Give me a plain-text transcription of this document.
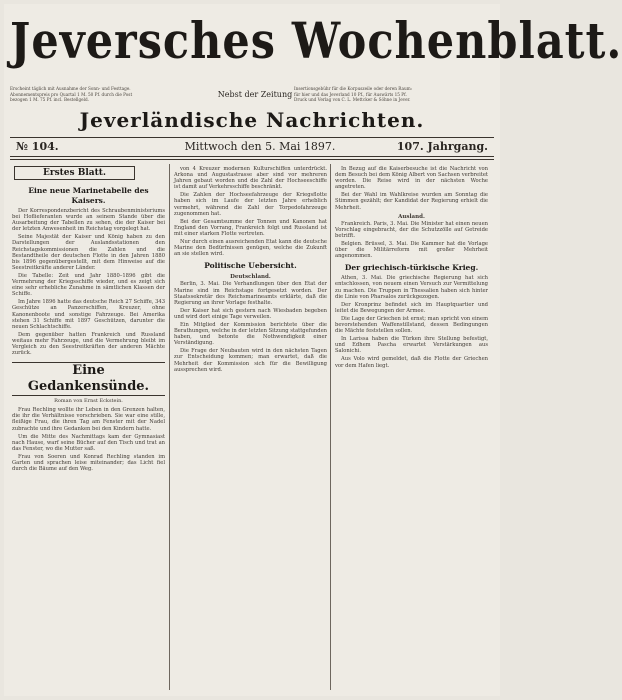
Jeversches Wochenblatt.
Erscheint täglich mit Ausnahme der Sonn- und Festtage.
Abonnementspreis pro Quartal 1 M. 50 Pf. durch die Post
bezogen 1 M. 75 Pf. incl. Bestellgeld.
Nebst der Zeitung
Insertionsgebühr für die Korpuszeile oder deren Raum:
für hier und das Jeverland 10 Pf., für Auswärts 15 Pf.
Druck und Verlag von C. L. Mettcker & Söhne in Jever.
Jeverländische Nachrichten.
№ 104.	Mittwoch den 5. Mai 1897.	107. Jahrgang.
Erstes Blatt.
Eine neue Marinetabelle des Kaisers.

Der Korrespondenzbericht des Schraubenministeriums bei Hoflieferanten wurde an seinem Stande über die Ausarbeitung der Tabellen zu sehen, die der Kaiser bei der letzten Anwesenheit im Reichstag vorgelegt hat.

Seine Majestät der Kaiser und König haben zu den Darstellungen der Auslandsstationen den Reichstagskommissionen die Zahlen und die Bestandtheile der deutschen Flotte in den Jahren 1880 bis 1896 gegenübergestellt, mit dem Hinweise auf die Seestreitkräfte anderer Länder.

Die Tabelle: Zeit und Jahr 1880–1896 gibt die Vermehrung der Kriegsschiffe wieder, und es zeigt sich eine sehr erhebliche Zunahme in sämtlichen Klassen der Schiffe.

Im Jahre 1896 hatte das deutsche Reich 27 Schiffe, 343 Geschütze an Panzerschiffen, Kreuzer, ohne Kanonenboote und sonstige Fahrzeuge. Bei Amerika stehen 31 Schiffe mit 1897 Geschützen, darunter die neuen Schlachtschiffe.

Dem gegenüber hatten Frankreich und Russland weitaus mehr Fahrzeuge, und die Vermehrung bleibt im Vergleich zu den Seestreitkräften der anderen Mächte zurück.

Eine Gedankensünde.
Roman von Ernst Eckstein.

Frau Rechling wollte ihr Leben in den Grenzen halten, die ihr die Verhältnisse vorschrieben. Sie war eine stille, fleißige Frau, die ihren Tag am Fenster mit der Nadel zubrachte und ihre Gedanken bei den Kindern hatte.

Um die Mitte des Nachmittags kam der Gymnasiast nach Hause, warf seine Bücher auf den Tisch und trat an das Fenster, wo die Mutter saß.

Frau von Soeren und Konrad Rechling standen im Garten und sprachen leise miteinander; das Licht fiel durch die Bäume auf den Weg.

von 4 Kreuzer modernen Kulturschiffen unterdrückt. Arkona und Augustastrasse aber sind vor mehreren Jahren gebaut worden und die Zahl der Hochseeschiffe ist damit auf Verkehrsschiffe beschränkt.

Die Zahlen der Hochseefahrzeuge der Kriegsflotte haben sich im Laufe der letzten Jahre erheblich vermehrt, während die Zahl der Torpedofahrzeuge zugenommen hat.

Bei der Gesamtsumme der Tonnen und Kanonen hat England den Vorrang, Frankreich folgt und Russland ist mit einer starken Flotte vertreten.

Nur durch einen ausreichenden Etat kann die deutsche Marine den Bedürfnissen genügen, welche die Zukunft an sie stellen wird.

Politische Uebersicht.
Deutschland.

Berlin, 3. Mai. Die Verhandlungen über den Etat der Marine sind im Reichstage fortgesetzt worden. Der Staatssekretär des Reichsmarineamts erklärte, daß die Regierung an ihrer Vorlage festhalte.

Der Kaiser hat sich gestern nach Wiesbaden begeben und wird dort einige Tage verweilen.

Ein Mitglied der Kommission berichtete über die Berathungen, welche in der letzten Sitzung stattgefunden haben, und betonte die Nothwendigkeit einer Verständigung.

Die Frage der Neubauten wird in den nächsten Tagen zur Entscheidung kommen; man erwartet, daß die Mehrheit der Kommission sich für die Bewilligung aussprechen wird.

In Bezug auf die Kaiserbesuche ist die Nachricht von dem Besuch bei dem König Albert von Sachsen verbreitet worden. Die Reise wird in der nächsten Woche angetreten.

Bei der Wahl im Wahlkreise wurden am Sonntag die Stimmen gezählt; der Kandidat der Regierung erhielt die Mehrheit.

Ausland.

Frankreich. Paris, 3. Mai. Die Minister hat einen neuen Vorschlag eingebracht, der die Schutzzölle auf Getreide betrifft.

Belgien. Brüssel, 3. Mai. Die Kammer hat die Vorlage über die Militärreform mit großer Mehrheit angenommen.

Der griechisch-türkische Krieg.

Athen, 3. Mai. Die griechische Regierung hat sich entschlossen, von neuem einen Versuch zur Vermittelung zu machen. Die Truppen in Thessalien haben sich hinter die Linie von Pharsalos zurückgezogen.

Der Kronprinz befindet sich im Hauptquartier und leitet die Bewegungen der Armee.

Die Lage der Griechen ist ernst; man spricht von einem bevorstehenden Waffenstillstand, dessen Bedingungen die Mächte feststellen sollen.

In Larissa haben die Türken ihre Stellung befestigt, und Edhem Pascha erwartet Verstärkungen aus Salonichi.

Aus Volo wird gemeldet, daß die Flotte der Griechen vor dem Hafen liegt.
